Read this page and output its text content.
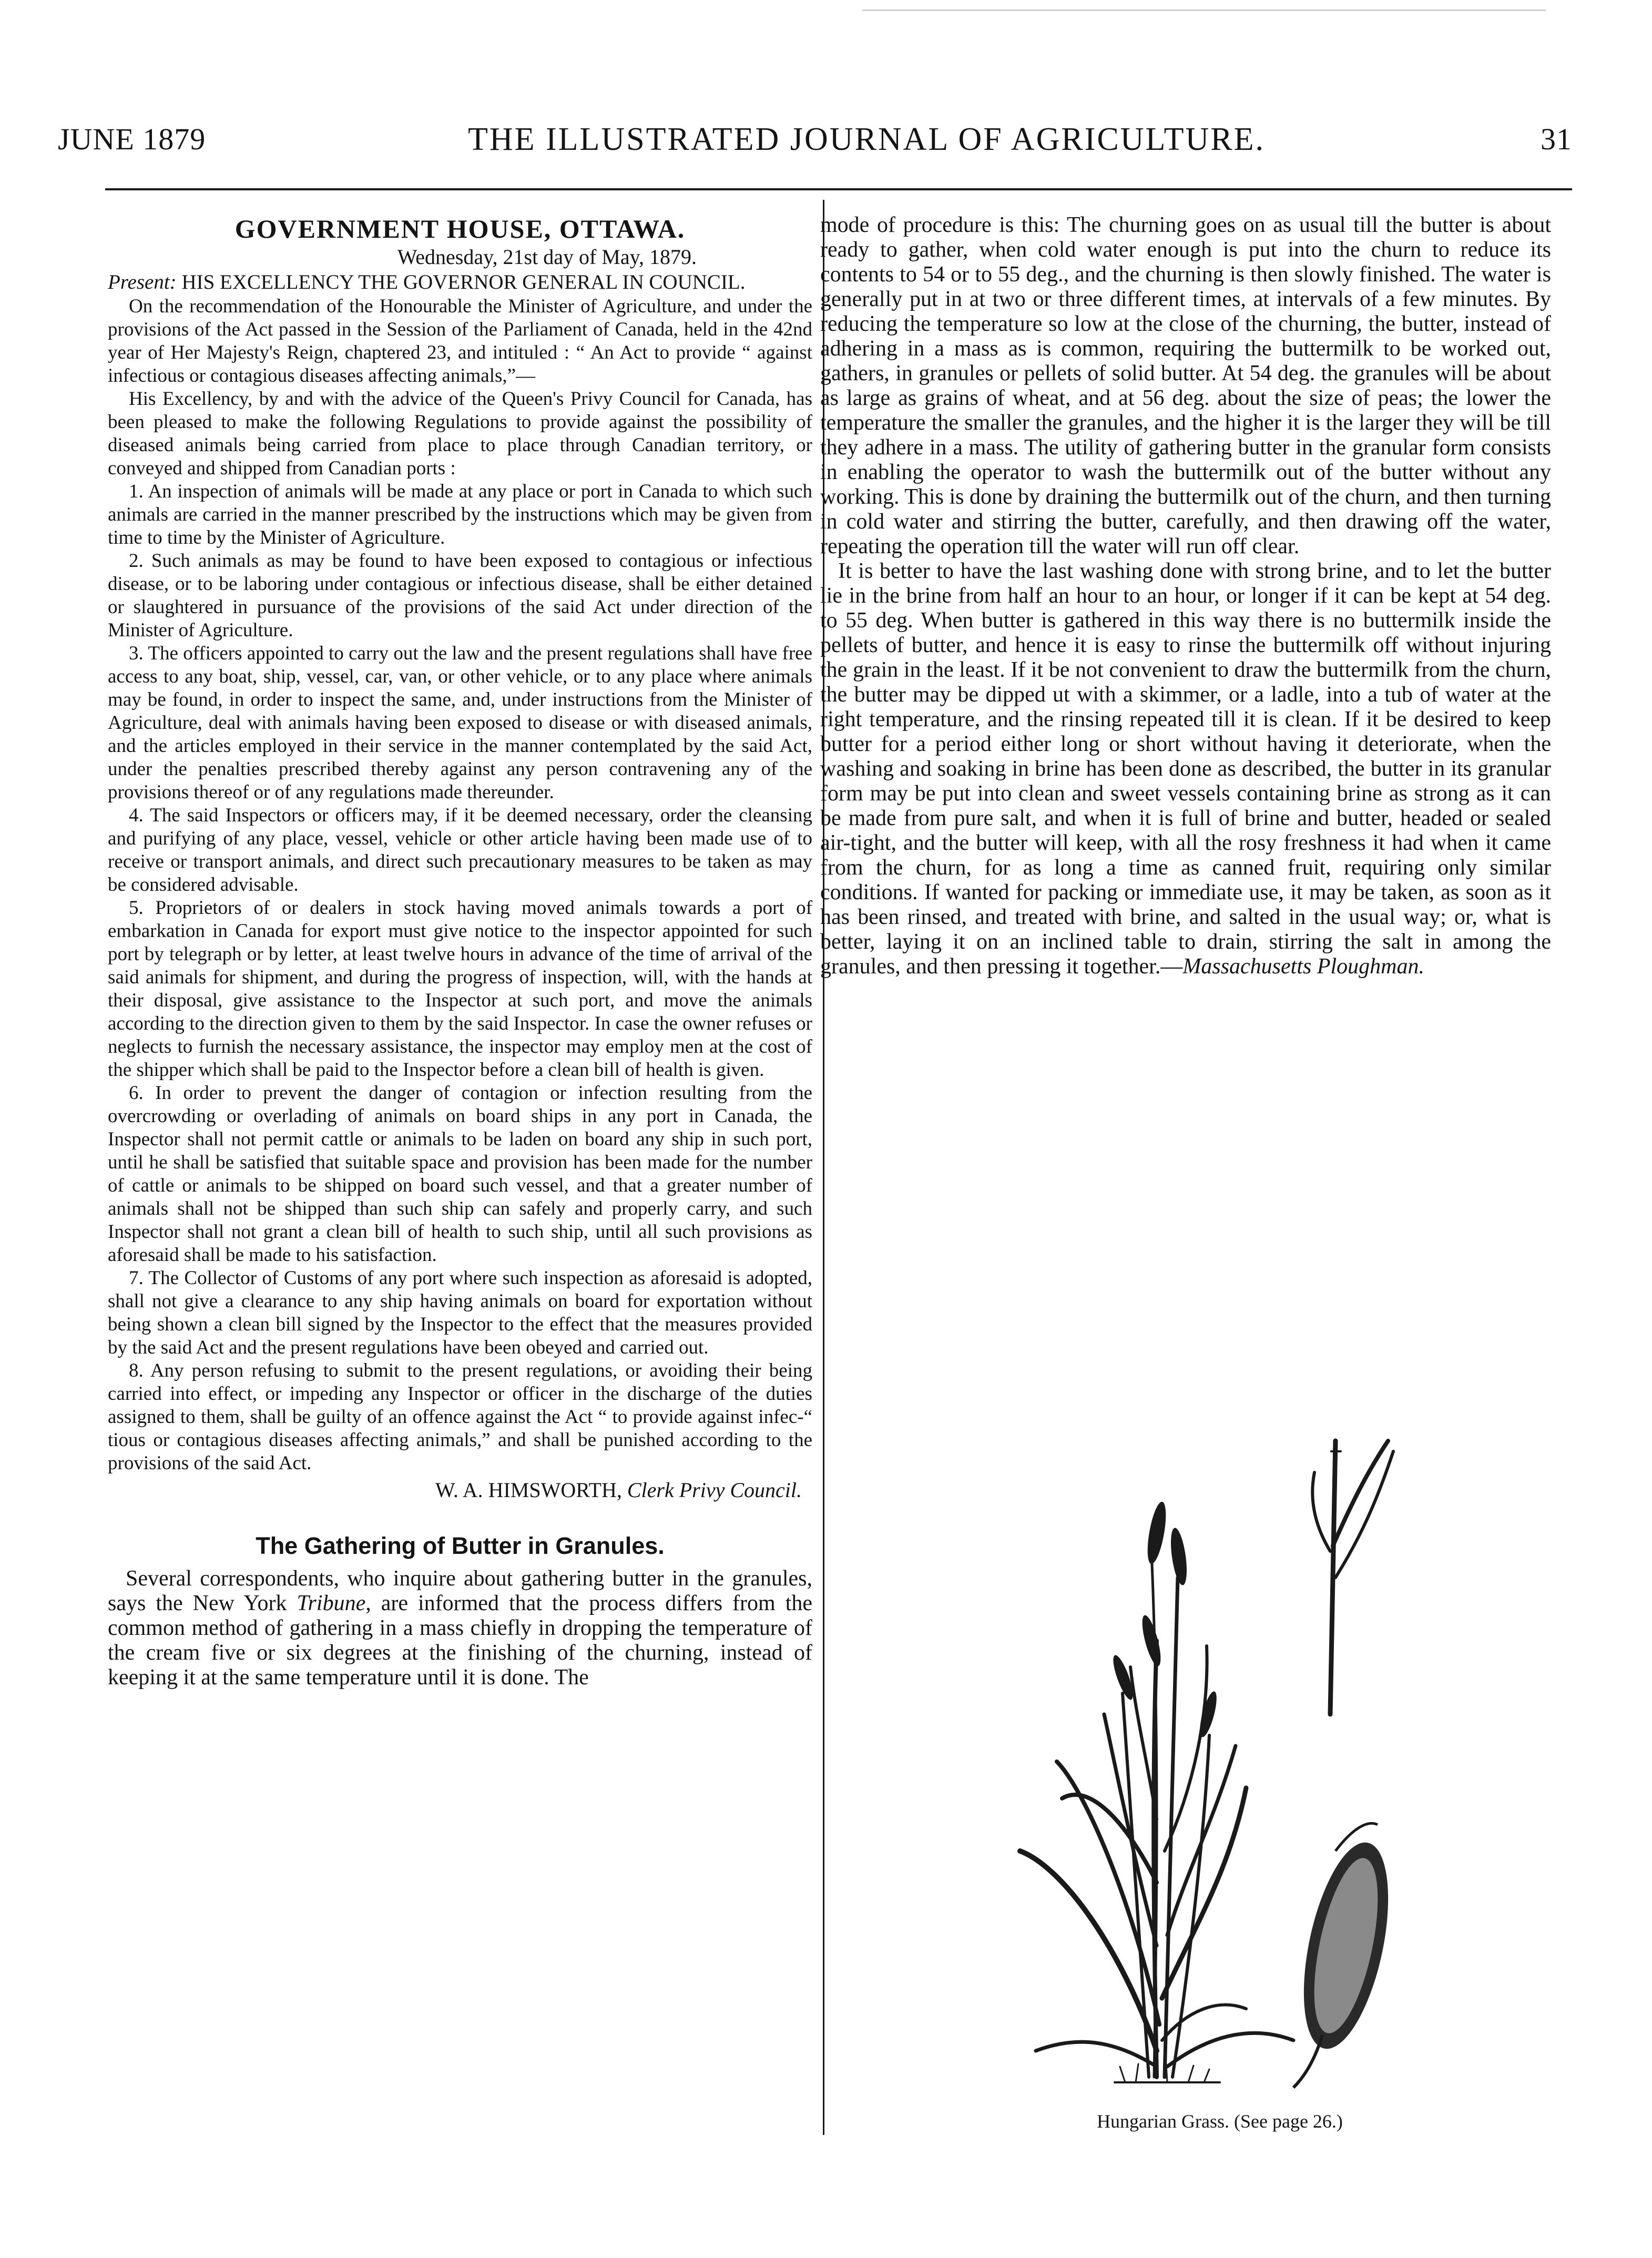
JUNE 1879	THE ILLUSTRATED JOURNAL OF AGRICULTURE.	31
GOVERNMENT HOUSE, OTTAWA.

Wednesday, 21st day of May, 1879.

Present: HIS EXCELLENCY THE GOVERNOR GENERAL IN COUNCIL.

On the recommendation of the Honourable the Minister of Agriculture, and under the provisions of the Act passed in the Session of the Parliament of Canada, held in the 42nd year of Her Majesty's Reign, chaptered 23, and intituled : “ An Act to provide “ against infectious or contagious diseases affecting animals,”—

His Excellency, by and with the advice of the Queen's Privy Council for Canada, has been pleased to make the following Regulations to provide against the possibility of diseased animals being carried from place to place through Canadian territory, or conveyed and shipped from Canadian ports :

1. An inspection of animals will be made at any place or port in Canada to which such animals are carried in the manner prescribed by the instructions which may be given from time to time by the Minister of Agriculture.

2. Such animals as may be found to have been exposed to contagious or infectious disease, or to be laboring under contagious or infectious disease, shall be either detained or slaughtered in pursuance of the provisions of the said Act under direction of the Minister of Agriculture.

3. The officers appointed to carry out the law and the present regulations shall have free access to any boat, ship, vessel, car, van, or other vehicle, or to any place where animals may be found, in order to inspect the same, and, under instructions from the Minister of Agriculture, deal with animals having been exposed to disease or with diseased animals, and the articles employed in their service in the manner contemplated by the said Act, under the penalties prescribed thereby against any person contravening any of the provisions thereof or of any regulations made thereunder.

4. The said Inspectors or officers may, if it be deemed necessary, order the cleansing and purifying of any place, vessel, vehicle or other article having been made use of to receive or transport animals, and direct such precautionary measures to be taken as may be considered advisable.

5. Proprietors of or dealers in stock having moved animals towards a port of embarkation in Canada for export must give notice to the inspector appointed for such port by telegraph or by letter, at least twelve hours in advance of the time of arrival of the said animals for shipment, and during the progress of inspection, will, with the hands at their disposal, give assistance to the Inspector at such port, and move the animals according to the direction given to them by the said Inspector. In case the owner refuses or neglects to furnish the necessary assistance, the inspector may employ men at the cost of the shipper which shall be paid to the Inspector before a clean bill of health is given.

6. In order to prevent the danger of contagion or infection resulting from the overcrowding or overlading of animals on board ships in any port in Canada, the Inspector shall not permit cattle or animals to be laden on board any ship in such port, until he shall be satisfied that suitable space and provision has been made for the number of cattle or animals to be shipped on board such vessel, and that a greater number of animals shall not be shipped than such ship can safely and properly carry, and such Inspector shall not grant a clean bill of health to such ship, until all such provisions as aforesaid shall be made to his satisfaction.

7. The Collector of Customs of any port where such inspection as aforesaid is adopted, shall not give a clearance to any ship having animals on board for exportation without being shown a clean bill signed by the Inspector to the effect that the measures provided by the said Act and the present regulations have been obeyed and carried out.

8. Any person refusing to submit to the present regulations, or avoiding their being carried into effect, or impeding any Inspector or officer in the discharge of the duties assigned to them, shall be guilty of an offence against the Act “ to provide against infec-“ tious or contagious diseases affecting animals,” and shall be punished according to the provisions of the said Act.

W. A. HIMSWORTH, Clerk Privy Council.

The Gathering of Butter in Granules.

Several correspondents, who inquire about gathering butter in the granules, says the New York Tribune, are informed that the process differs from the common method of gathering in a mass chiefly in dropping the temperature of the cream five or six degrees at the finishing of the churning, instead of keeping it at the same temperature until it is done. The

mode of procedure is this: The churning goes on as usual till the butter is about ready to gather, when cold water enough is put into the churn to reduce its contents to 54 or to 55 deg., and the churning is then slowly finished. The water is generally put in at two or three different times, at intervals of a few minutes. By reducing the temperature so low at the close of the churning, the butter, instead of adhering in a mass as is common, requiring the buttermilk to be worked out, gathers, in granules or pellets of solid butter. At 54 deg. the granules will be about as large as grains of wheat, and at 56 deg. about the size of peas; the lower the temperature the smaller the granules, and the higher it is the larger they will be till they adhere in a mass. The utility of gathering butter in the granular form consists in enabling the operator to wash the buttermilk out of the butter without any working. This is done by draining the buttermilk out of the churn, and then turning in cold water and stirring the butter, carefully, and then drawing off the water, repeating the operation till the water will run off clear.

It is better to have the last washing done with strong brine, and to let the butter lie in the brine from half an hour to an hour, or longer if it can be kept at 54 deg. to 55 deg. When butter is gathered in this way there is no buttermilk inside the pellets of butter, and hence it is easy to rinse the buttermilk off without injuring the grain in the least. If it be not convenient to draw the buttermilk from the churn, the butter may be dipped ut with a skimmer, or a ladle, into a tub of water at the right temperature, and the rinsing repeated till it is clean. If it be desired to keep butter for a period either long or short without having it deteriorate, when the washing and soaking in brine has been done as described, the butter in its granular form may be put into clean and sweet vessels containing brine as strong as it can be made from pure salt, and when it is full of brine and butter, headed or sealed air-tight, and the butter will keep, with all the rosy freshness it had when it came from the churn, for as long a time as canned fruit, requiring only similar conditions. If wanted for packing or immediate use, it may be taken, as soon as it has been rinsed, and treated with brine, and salted in the usual way; or, what is better, laying it on an inclined table to drain, stirring the salt in among the granules, and then pressing it together.—Massachusetts Ploughman.

Hungarian Grass. (See page 26.)
